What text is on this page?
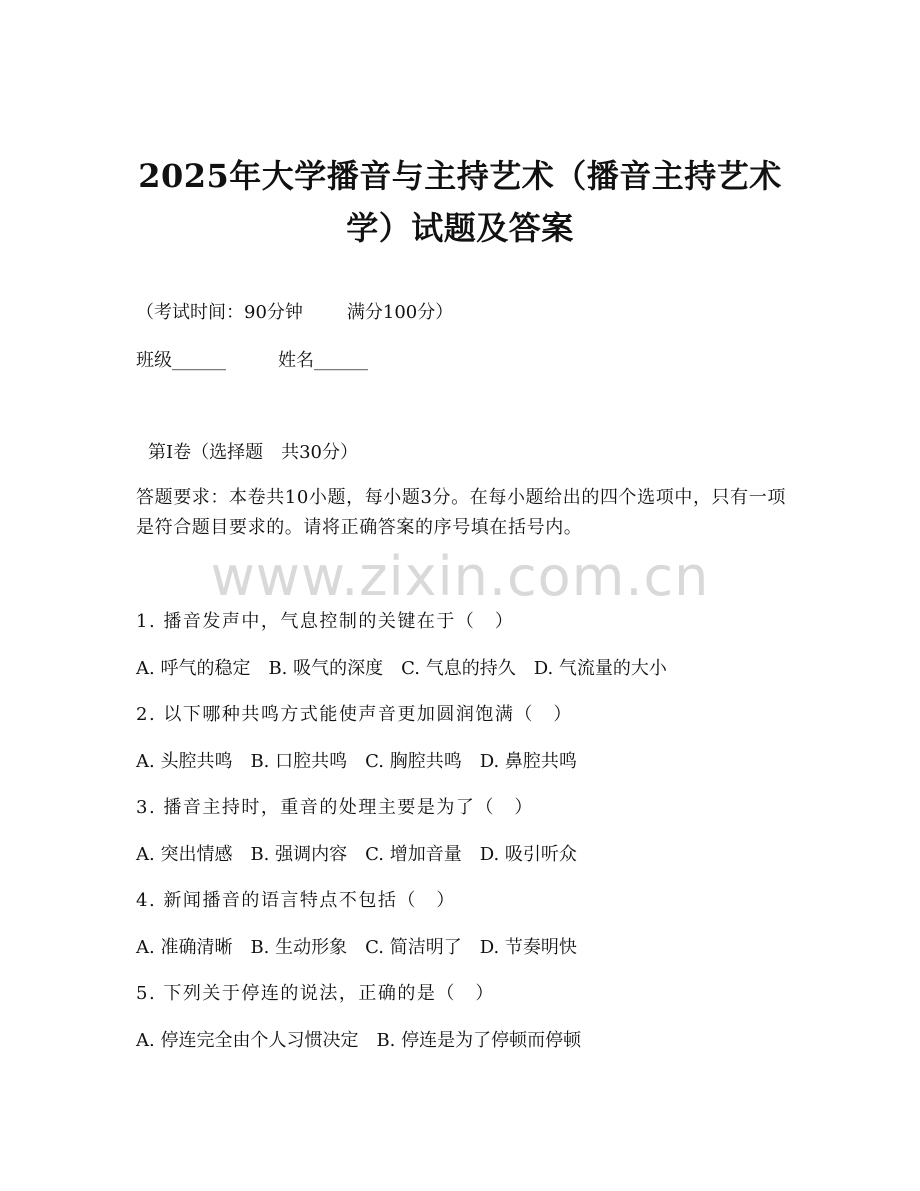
2025年大学播音与主持艺术（播音主持艺术
学）试题及答案
（考试时间：90分钟 满分100分）
班级______	姓名______
第Ⅰ卷（选择题　共30分）
答题要求：本卷共10小题，每小题3分。在每小题给出的四个选项中，只有一项是符合题目要求的。请将正确答案的序号填在括号内。
www.zixin.com.cn
1. 播音发声中，气息控制的关键在于（　）
A. 呼气的稳定 B. 吸气的深度 C. 气息的持久 D. 气流量的大小
2. 以下哪种共鸣方式能使声音更加圆润饱满（　）
A. 头腔共鸣 B. 口腔共鸣 C. 胸腔共鸣 D. 鼻腔共鸣
3. 播音主持时，重音的处理主要是为了（　）
A. 突出情感 B. 强调内容 C. 增加音量 D. 吸引听众
4. 新闻播音的语言特点不包括（　）
A. 准确清晰 B. 生动形象 C. 简洁明了 D. 节奏明快
5. 下列关于停连的说法，正确的是（　）
A. 停连完全由个人习惯决定 B. 停连是为了停顿而停顿
